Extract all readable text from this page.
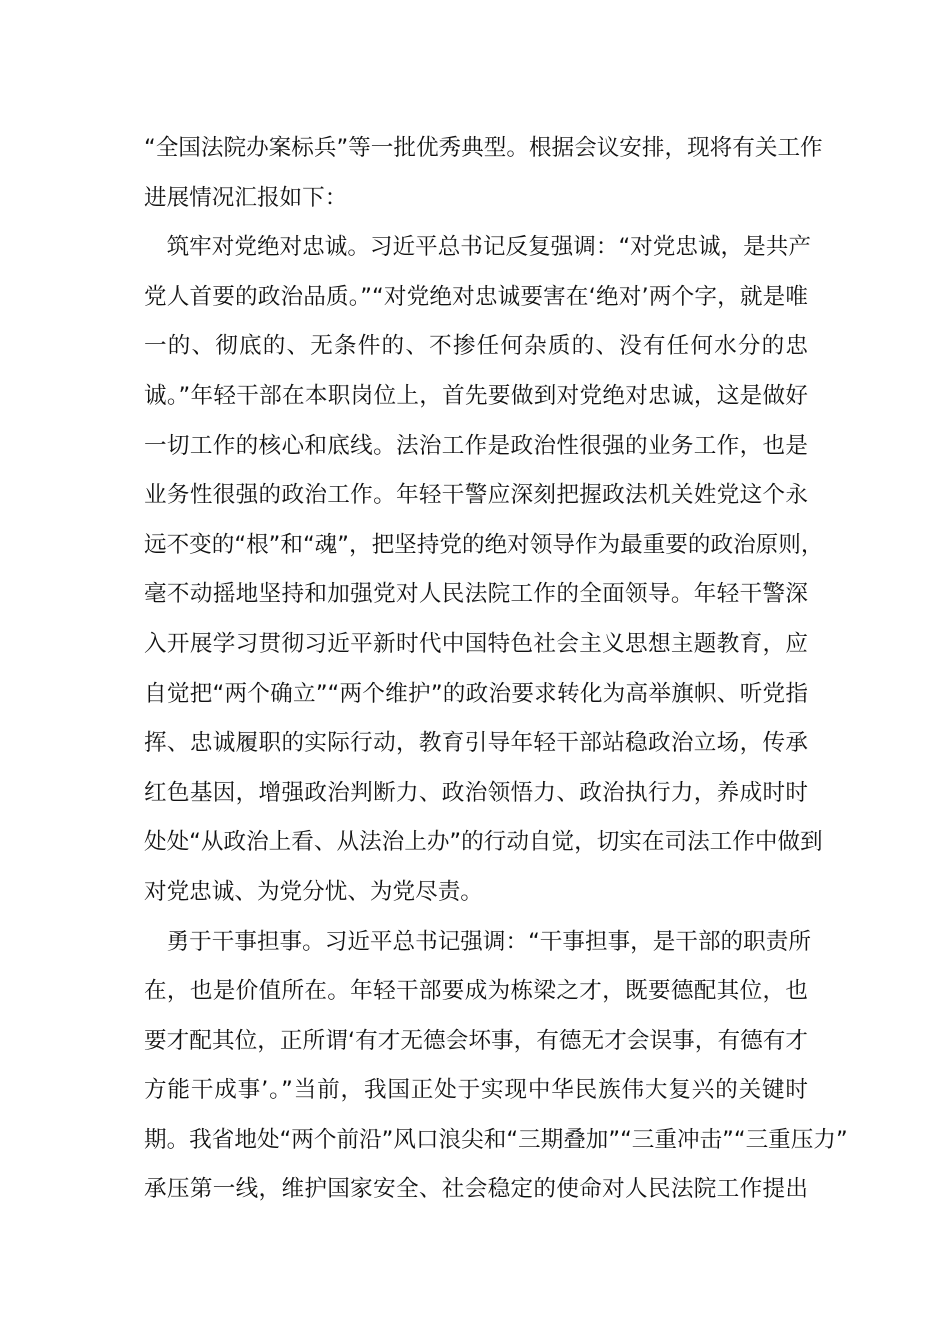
“全国法院办案标兵”等一批优秀典型。根据会议安排，现将有关工作
进展情况汇报如下：
　筑牢对党绝对忠诚。习近平总书记反复强调：“对党忠诚，是共产
党人首要的政治品质。”“对党绝对忠诚要害在‘绝对’两个字，就是唯
一的、彻底的、无条件的、不掺任何杂质的、没有任何水分的忠
诚。”年轻干部在本职岗位上，首先要做到对党绝对忠诚，这是做好
一切工作的核心和底线。法治工作是政治性很强的业务工作，也是
业务性很强的政治工作。年轻干警应深刻把握政法机关姓党这个永
远不变的“根”和“魂”，把坚持党的绝对领导作为最重要的政治原则，
毫不动摇地坚持和加强党对人民法院工作的全面领导。年轻干警深
入开展学习贯彻习近平新时代中国特色社会主义思想主题教育，应
自觉把“两个确立”“两个维护”的政治要求转化为高举旗帜、听党指
挥、忠诚履职的实际行动，教育引导年轻干部站稳政治立场，传承
红色基因，增强政治判断力、政治领悟力、政治执行力，养成时时
处处“从政治上看、从法治上办”的行动自觉，切实在司法工作中做到
对党忠诚、为党分忧、为党尽责。
　勇于干事担事。习近平总书记强调：“干事担事，是干部的职责所
在，也是价值所在。年轻干部要成为栋梁之才，既要德配其位，也
要才配其位，正所谓‘有才无德会坏事，有德无才会误事，有德有才
方能干成事’。”当前，我国正处于实现中华民族伟大复兴的关键时
期。我省地处“两个前沿”风口浪尖和“三期叠加”“三重冲击”“三重压力”
承压第一线，维护国家安全、社会稳定的使命对人民法院工作提出
